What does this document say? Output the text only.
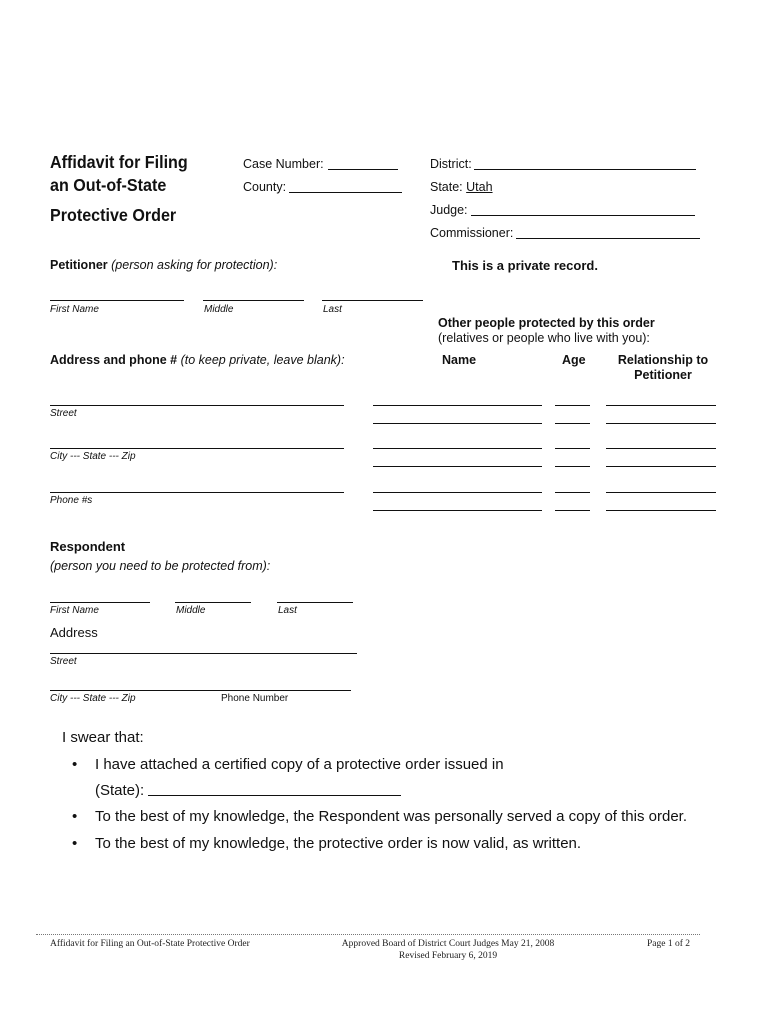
Affidavit for Filing
an Out-of-State
Protective Order
Case Number:
County:
District:
State: Utah
Judge:
Commissioner:
Petitioner (person asking for protection):	This is a private record.
First Name	Middle	Last
Other people protected by this order
(relatives or people who live with you):
Address and phone # (to keep private, leave blank):	Name	Age	Relationship to
Petitioner
Street
City --- State --- Zip
Phone #s
Respondent
(person you need to be protected from):
First Name	Middle	Last
Address
Street
City --- State --- Zip	Phone Number
I swear that:
• I have attached a certified copy of a protective order issued in
(State):
• To the best of my knowledge, the Respondent was personally served a copy of this order.
• To the best of my knowledge, the protective order is now valid, as written.
Affidavit for Filing an Out-of-State Protective Order	Approved Board of District Court Judges May 21, 2008
Revised February 6, 2019
Page 1 of 2
